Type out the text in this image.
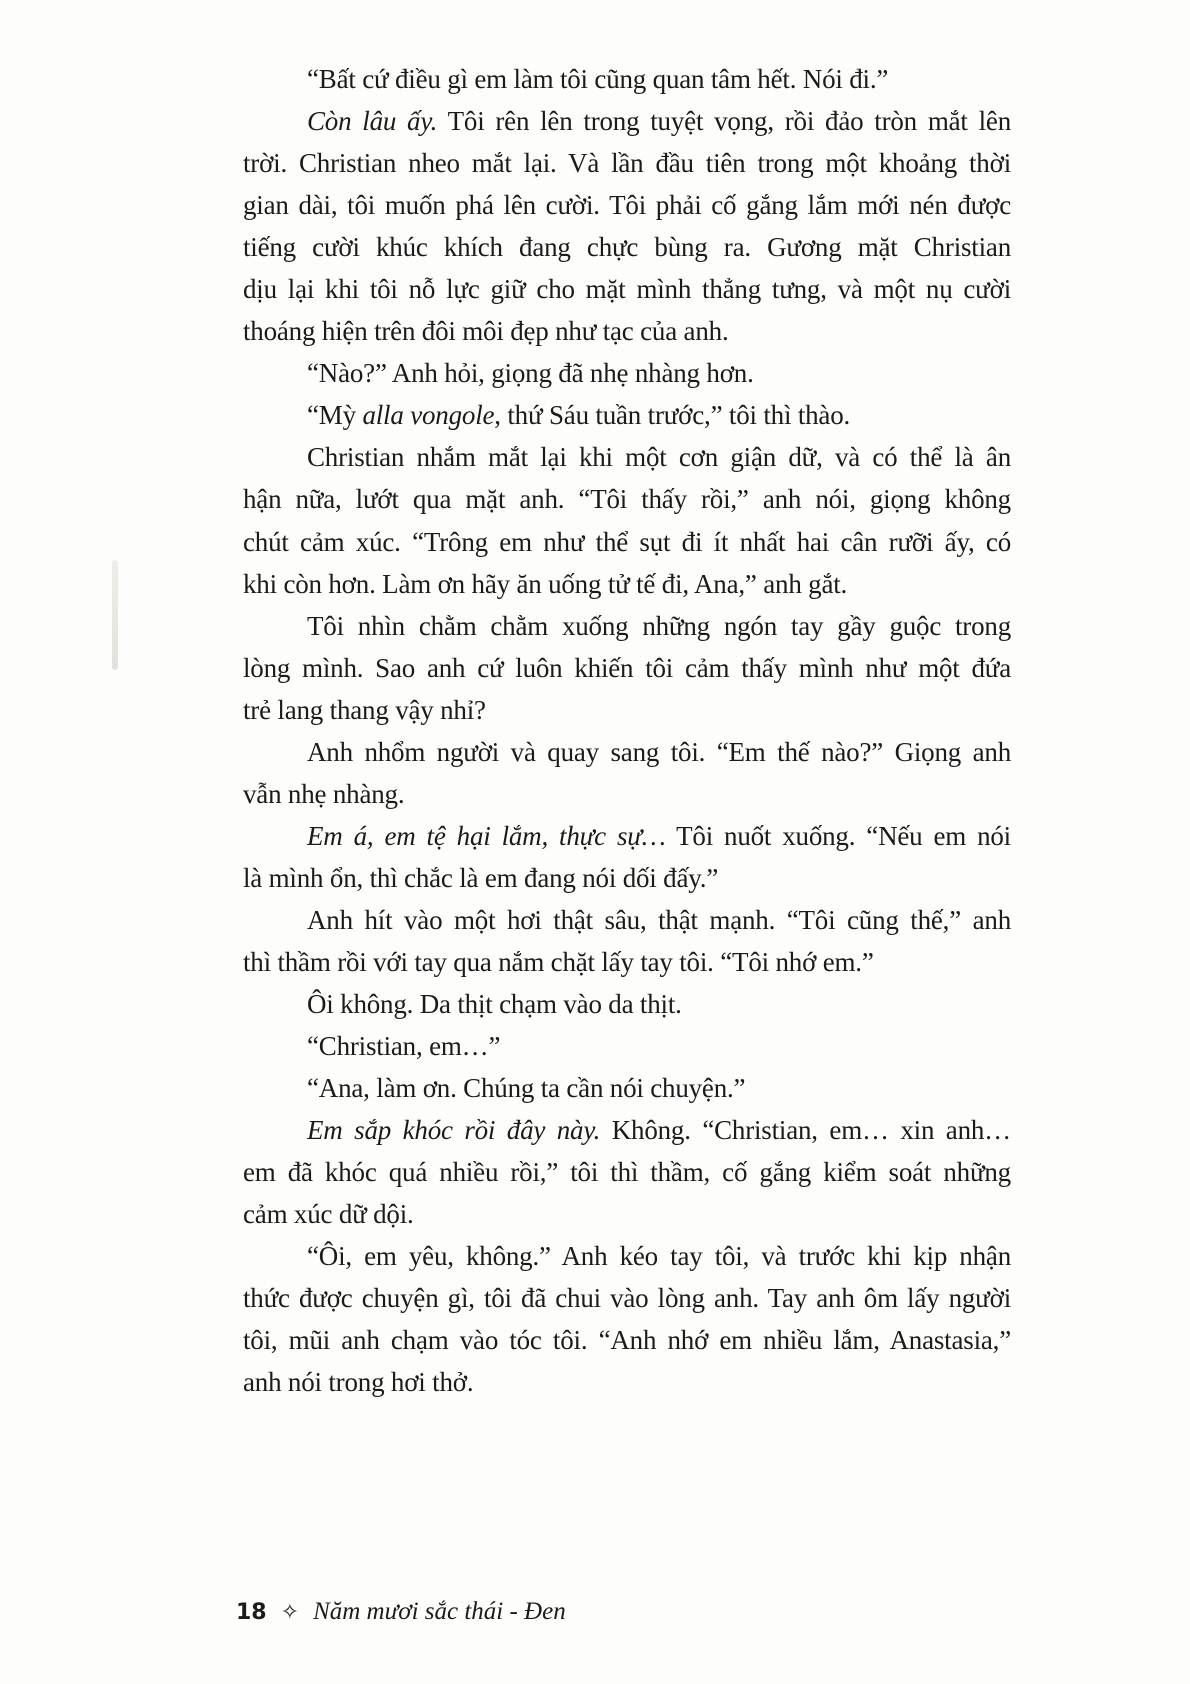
“Bất cứ điều gì em làm tôi cũng quan tâm hết. Nói đi.”
Còn lâu ấy. Tôi rên lên trong tuyệt vọng, rồi đảo tròn mắt lên
trời. Christian nheo mắt lại. Và lần đầu tiên trong một khoảng thời
gian dài, tôi muốn phá lên cười. Tôi phải cố gắng lắm mới nén được
tiếng cười khúc khích đang chực bùng ra. Gương mặt Christian
dịu lại khi tôi nỗ lực giữ cho mặt mình thẳng tưng, và một nụ cười
thoáng hiện trên đôi môi đẹp như tạc của anh.
“Nào?” Anh hỏi, giọng đã nhẹ nhàng hơn.
“Mỳ alla vongole, thứ Sáu tuần trước,” tôi thì thào.
Christian nhắm mắt lại khi một cơn giận dữ, và có thể là ân
hận nữa, lướt qua mặt anh. “Tôi thấy rồi,” anh nói, giọng không
chút cảm xúc. “Trông em như thể sụt đi ít nhất hai cân rưỡi ấy, có
khi còn hơn. Làm ơn hãy ăn uống tử tế đi, Ana,” anh gắt.
Tôi nhìn chằm chằm xuống những ngón tay gầy guộc trong
lòng mình. Sao anh cứ luôn khiến tôi cảm thấy mình như một đứa
trẻ lang thang vậy nhỉ?
Anh nhổm người và quay sang tôi. “Em thế nào?” Giọng anh
vẫn nhẹ nhàng.
Em á, em tệ hại lắm, thực sự… Tôi nuốt xuống. “Nếu em nói
là mình ổn, thì chắc là em đang nói dối đấy.”
Anh hít vào một hơi thật sâu, thật mạnh. “Tôi cũng thế,” anh
thì thầm rồi với tay qua nắm chặt lấy tay tôi. “Tôi nhớ em.”
Ôi không. Da thịt chạm vào da thịt.
“Christian, em…”
“Ana, làm ơn. Chúng ta cần nói chuyện.”
Em sắp khóc rồi đây này. Không. “Christian, em… xin anh…
em đã khóc quá nhiều rồi,” tôi thì thầm, cố gắng kiểm soát những
cảm xúc dữ dội.
“Ôi, em yêu, không.” Anh kéo tay tôi, và trước khi kịp nhận
thức được chuyện gì, tôi đã chui vào lòng anh. Tay anh ôm lấy người
tôi, mũi anh chạm vào tóc tôi. “Anh nhớ em nhiều lắm, Anastasia,”
anh nói trong hơi thở.
18 ✧ Năm mươi sắc thái - Đen
